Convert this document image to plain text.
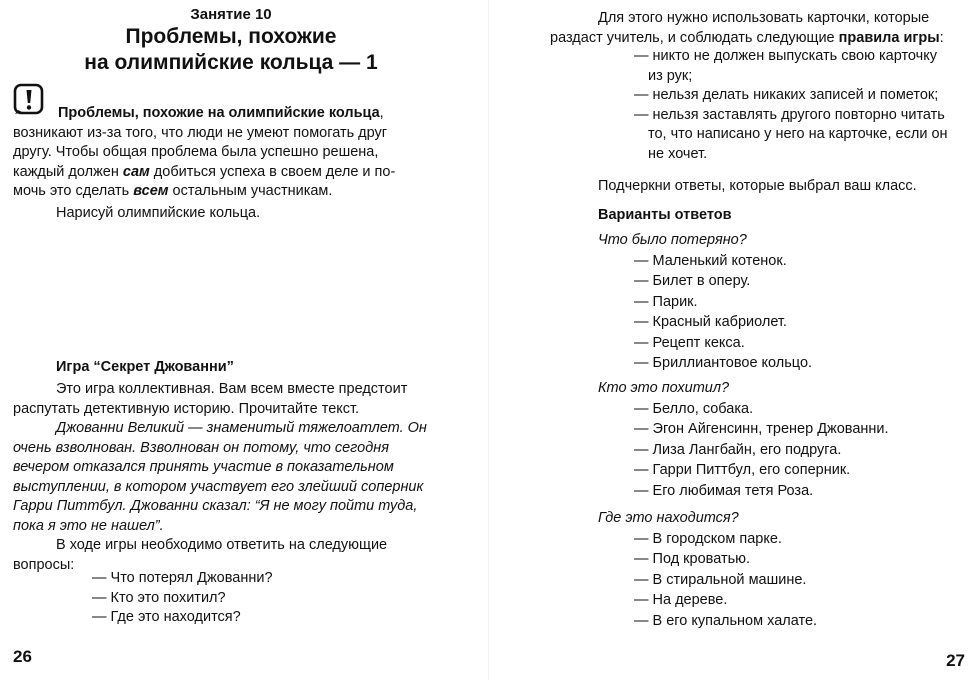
Занятие 10
Проблемы, похожие
на олимпийские кольца — 1
Проблемы, похожие на олимпийские кольца,
возникают из-за того, что люди не умеют помогать друг
другу. Чтобы общая проблема была успешно решена,
каждый должен сам добиться успеха в своем деле и по-
мочь это сделать всем остальным участникам.
Нарисуй олимпийские кольца.
Игра “Секрет Джованни”
Это игра коллективная. Вам всем вместе предстоит
распутать детективную историю. Прочитайте текст.
Джованни Великий — знаменитый тяжелоатлет. Он
очень взволнован. Взволнован он потому, что сегодня
вечером отказался принять участие в показательном
выступлении, в котором участвует его злейший соперник
Гарри Питтбул. Джованни сказал: “Я не могу пойти туда,
пока я это не нашел”.
В ходе игры необходимо ответить на следующие
вопросы:
— Что потерял Джованни?
— Кто это похитил?
— Где это находится?
26
Для этого нужно использовать карточки, которые
раздаст учитель, и соблюдать следующие правила игры:
— никто не должен выпускать свою карточку
из рук;
— нельзя делать никаких записей и пометок;
— нельзя заставлять другого повторно читать
то, что написано у него на карточке, если он
не хочет.
Подчеркни ответы, которые выбрал ваш класс.
Варианты ответов
Что было потеряно?
— Маленький котенок.
— Билет в оперу.
— Парик.
— Красный кабриолет.
— Рецепт кекса.
— Бриллиантовое кольцо.
Кто это похитил?
— Белло, собака.
— Эгон Айгенсинн, тренер Джованни.
— Лиза Лангбайн, его подруга.
— Гарри Питтбул, его соперник.
— Его любимая тетя Роза.
Где это находится?
— В городском парке.
— Под кроватью.
— В стиральной машине.
— На дереве.
— В его купальном халате.
27
